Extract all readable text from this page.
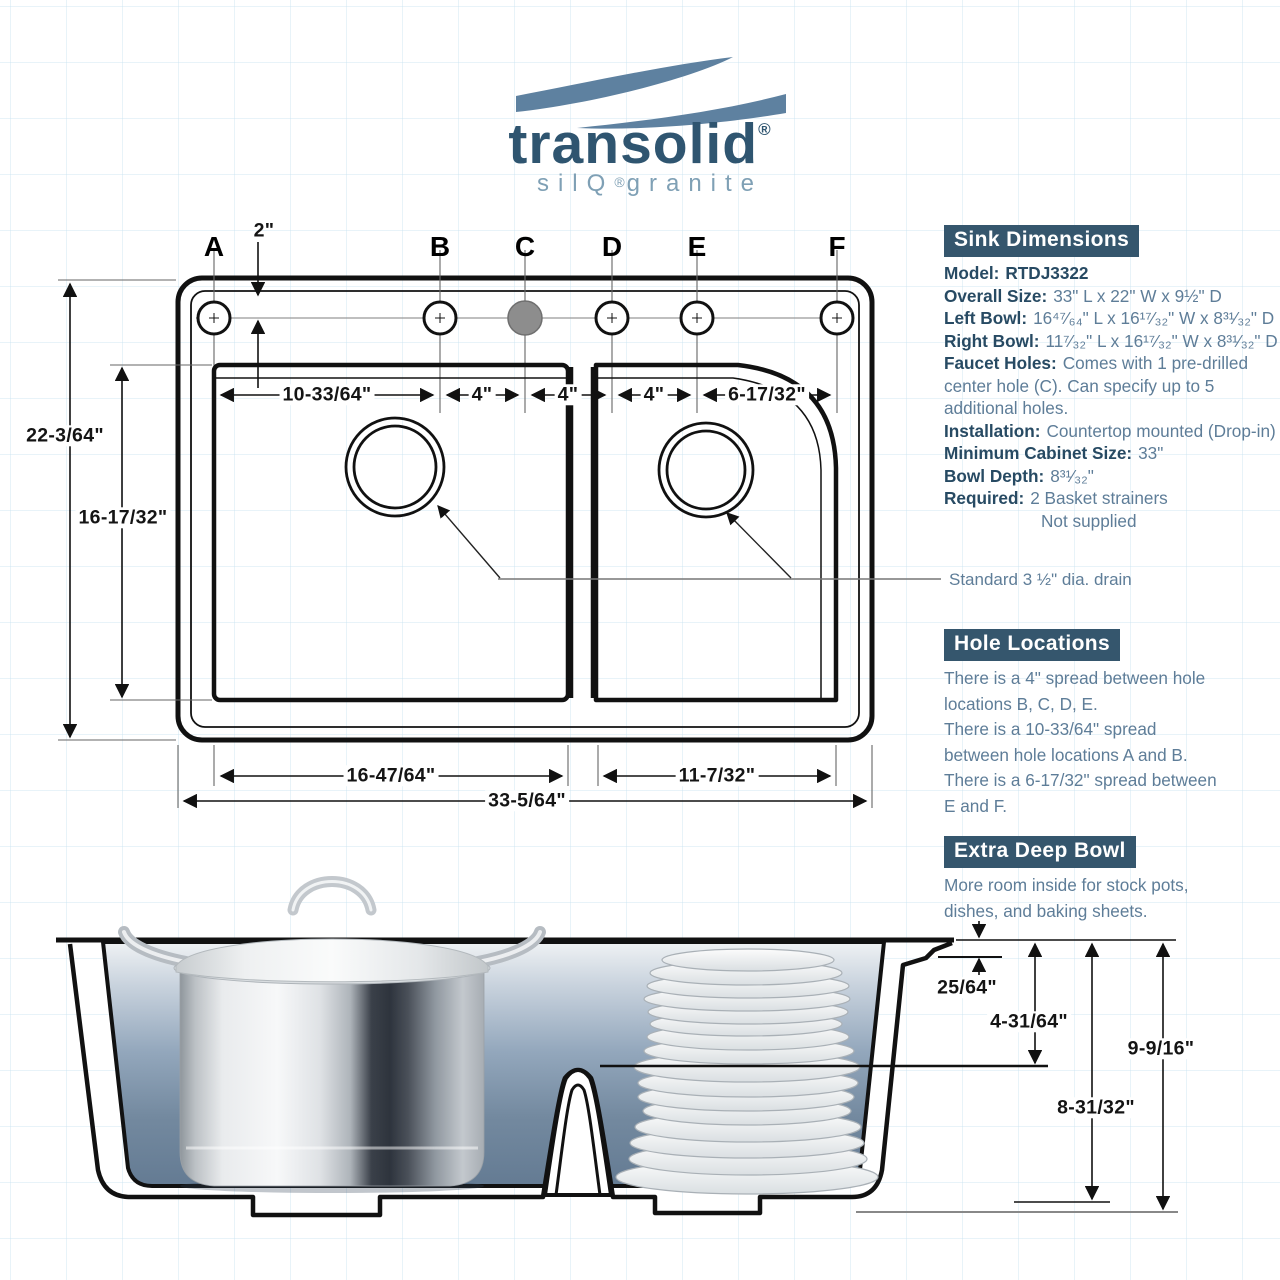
transolid®
silQ®granite
A	B C D E	F
2"
10-33/64"	4"	4"	4"	6-17/32"
22-3/64"
16-17/32"
16-47/64"	11-7/32"
33-5/64"
25/64"
4-31/64"
9-9/16"
8-31/32"
Sink Dimensions

Model: RTDJ3322

Overall Size: 33" L x 22" W x 9½" D

Left Bowl: 16⁴⁷⁄₆₄" L x 16¹⁷⁄₃₂" W x 8³¹⁄₃₂" D

Right Bowl: 11⁷⁄₃₂" L x 16¹⁷⁄₃₂" W x 8³¹⁄₃₂" D

Faucet Holes: Comes with 1 pre-drilled center hole (C). Can specify up to 5 additional holes.

Installation: Countertop mounted (Drop-in)

Minimum Cabinet Size: 33"

Bowl Depth: 8³¹⁄₃₂"

Required: 2 Basket strainers
Not supplied

Standard 3 ½" dia. drain
Hole Locations
There is a 4" spread between hole
locations B, C, D, E.
There is a 10-33/64" spread
between hole locations A and B.
There is a 6-17/32" spread between
E and F.
Extra Deep Bowl
More room inside for stock pots,
dishes, and baking sheets.
